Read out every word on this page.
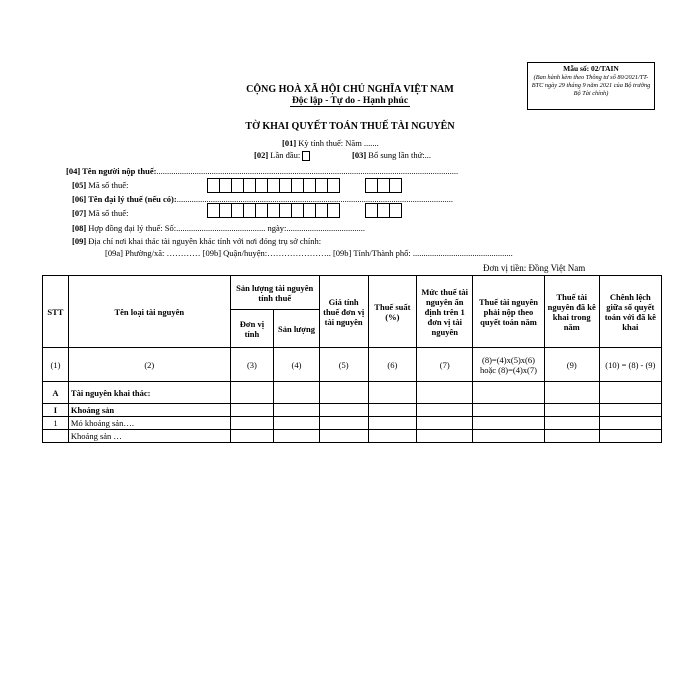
Mẫu số: 02/TAIN
(Ban hành kèm theo Thông tư số 80/2021/TT-BTC ngày 29 tháng 9 năm 2021 của Bộ trưởng Bộ Tài chính)
CỘNG HOÀ XÃ HỘI CHỦ NGHĨA VIỆT NAM
Độc lập - Tự do - Hạnh phúc
TỜ KHAI QUYẾT TOÁN THUẾ TÀI NGUYÊN
[01] Kỳ tính thuế: Năm .......
[02] Lần đầu:	[03] Bổ sung lần thứ:...
[04] Tên người nộp thuế:..............................................................................................................................................
[05] Mã số thuế:
[06] Tên đại lý thuế (nếu có):..................................................................................................................................
[07] Mã số thuế:
[08] Hợp đồng đại lý thuế: Số:.......................................... ngày:.....................................
[09] Địa chỉ nơi khai thác tài nguyên khác tỉnh với nơi đóng trụ sở chính:
[09a] Phường/xã: ………… [09b] Quận/huyện:………………….. [09b] Tỉnh/Thành phố: ...............................................
Đơn vị tiền: Đồng Việt Nam
STT	Tên loại tài nguyên	Sản lượng tài nguyên tính thuế		Giá tính thuế đơn vị tài nguyên	Thuế suất (%)	Mức thuế tài nguyên ấn định trên 1 đơn vị tài nguyên	Thuế tài nguyên phải nộp theo quyết toán năm	Thuế tài nguyên đã kê khai trong năm	Chênh lệch giữa số quyết toán với đã kê khai
		Đơn vị tính	Sản lượng						
(1)	(2)	(3)	(4)	(5)	(6)	(7)	(8)=(4)x(5)x(6) hoặc (8)=(4)x(7)	(9)	(10) = (8) - (9)
A	Tài nguyên khai thác:								
I	Khoáng sản								
1	Mỏ khoáng sản….								
	Khoáng sản …								
